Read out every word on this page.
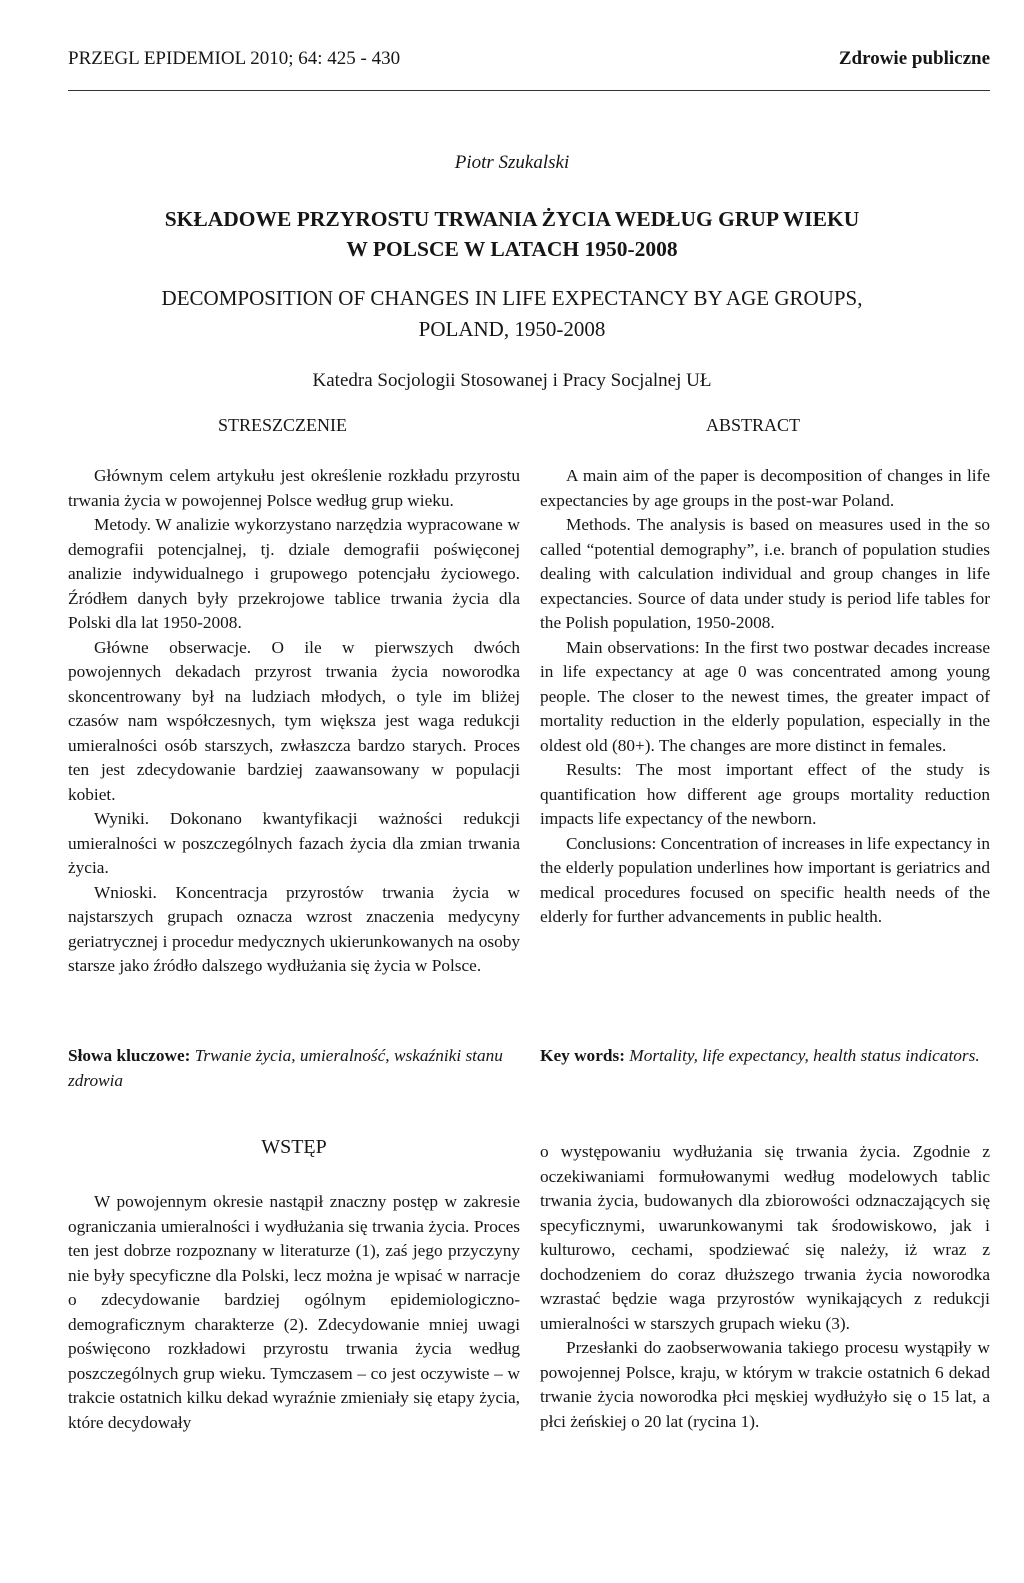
PRZEGL EPIDEMIOL 2010; 64: 425 - 430	Zdrowie publiczne
Piotr Szukalski
SKŁADOWE PRZYROSTU TRWANIA ŻYCIA WEDŁUG GRUP WIEKU
W POLSCE W LATACH 1950-2008
DECOMPOSITION OF CHANGES IN LIFE EXPECTANCY BY AGE GROUPS,
POLAND, 1950-2008
Katedra Socjologii Stosowanej i Pracy Socjalnej UŁ
STRESZCZENIE	ABSTRACT

Głównym celem artykułu jest określenie rozkładu przyrostu trwania życia w powojennej Polsce według grup wieku.

Metody. W analizie wykorzystano narzędzia wypracowane w demografii potencjalnej, tj. dziale demografii poświęconej analizie indywidualnego i grupowego potencjału życiowego. Źródłem danych były przekrojowe tablice trwania życia dla Polski dla lat 1950-2008.

Główne obserwacje. O ile w pierwszych dwóch powojennych dekadach przyrost trwania życia noworodka skoncentrowany był na ludziach młodych, o tyle im bliżej czasów nam współczesnych, tym większa jest waga redukcji umieralności osób starszych, zwłaszcza bardzo starych. Proces ten jest zdecydowanie bardziej zaawansowany w populacji kobiet.

Wyniki. Dokonano kwantyfikacji ważności redukcji umieralności w poszczególnych fazach życia dla zmian trwania życia.

Wnioski. Koncentracja przyrostów trwania życia w najstarszych grupach oznacza wzrost znaczenia medycyny geriatrycznej i procedur medycznych ukierunkowanych na osoby starsze jako źródło dalszego wydłużania się życia w Polsce.

A main aim of the paper is decomposition of changes in life expectancies by age groups in the post-war Poland.

Methods. The analysis is based on measures used in the so called “potential demography”, i.e. branch of population studies dealing with calculation individual and group changes in life expectancies. Source of data under study is period life tables for the Polish population, 1950-2008.

Main observations: In the first two postwar decades increase in life expectancy at age 0 was concentrated among young people. The closer to the newest times, the greater impact of mortality reduction in the elderly population, especially in the oldest old (80+). The changes are more distinct in females.

Results: The most important effect of the study is quantification how different age groups mortality reduction impacts life expectancy of the newborn.

Conclusions: Concentration of increases in life expectancy in the elderly population underlines how important is geriatrics and medical procedures focused on specific health needs of the elderly for further advancements in public health.

Słowa kluczowe: Trwanie życia, umieralność, wskaźniki stanu zdrowia
Key words: Mortality, life expectancy, health status indicators.
WSTĘP

W powojennym okresie nastąpił znaczny postęp w zakresie ograniczania umieralności i wydłużania się trwania życia. Proces ten jest dobrze rozpoznany w literaturze (1), zaś jego przyczyny nie były specyficzne dla Polski, lecz można je wpisać w narracje o zdecydowanie bardziej ogólnym epidemiologiczno-demograficznym charakterze (2). Zdecydowanie mniej uwagi poświęcono rozkładowi przyrostu trwania życia według poszczególnych grup wieku. Tymczasem – co jest oczywiste – w trakcie ostatnich kilku dekad wyraźnie zmieniały się etapy życia, które decydowały

o występowaniu wydłużania się trwania życia. Zgodnie z oczekiwaniami formułowanymi według modelowych tablic trwania życia, budowanych dla zbiorowości odznaczających się specyficznymi, uwarunkowanymi tak środowiskowo, jak i kulturowo, cechami, spodziewać się należy, iż wraz z dochodzeniem do coraz dłuższego trwania życia noworodka wzrastać będzie waga przyrostów wynikających z redukcji umieralności w starszych grupach wieku (3).

Przesłanki do zaobserwowania takiego procesu wystąpiły w powojennej Polsce, kraju, w którym w trakcie ostatnich 6 dekad trwanie życia noworodka płci męskiej wydłużyło się o 15 lat, a płci żeńskiej o 20 lat (rycina 1).
